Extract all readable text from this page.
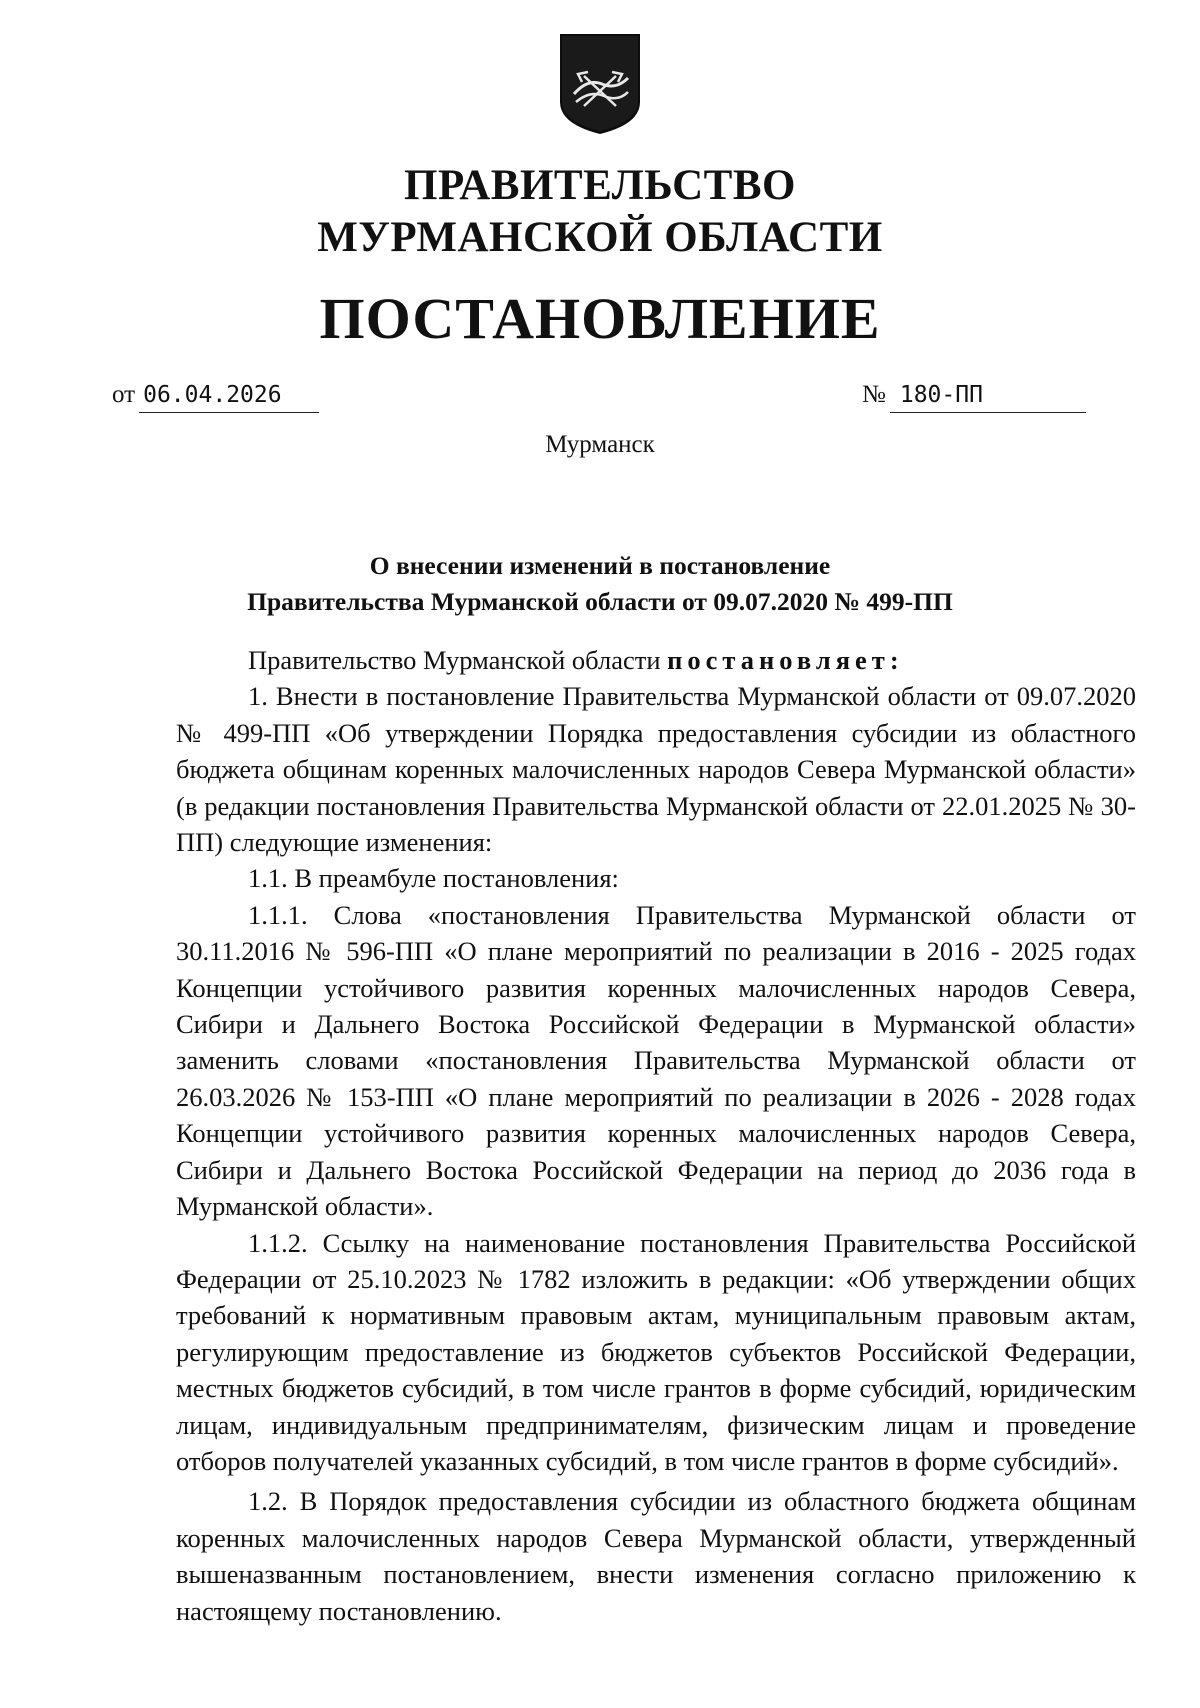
ПРАВИТЕЛЬСТВО
МУРМАНСКОЙ ОБЛАСТИ
ПОСТАНОВЛЕНИЕ
от 06.04.2026	№ 180-ПП
Мурманск
О внесении изменений в постановление
Правительства Мурманской области от 09.07.2020 № 499-ПП

Правительство Мурманской области постановляет:

1. Внести в постановление Правительства Мурманской области от 09.07.2020 № 499-ПП «Об утверждении Порядка предоставления субсидии из областного бюджета общинам коренных малочисленных народов Севера Мурманской области» (в редакции постановления Правительства Мурманской области от 22.01.2025 № 30-ПП) следующие изменения:

1.1. В преамбуле постановления:

1.1.1. Слова «постановления Правительства Мурманской области от 30.11.2016 № 596-ПП «О плане мероприятий по реализации в 2016 - 2025 годах Концепции устойчивого развития коренных малочисленных народов Севера, Сибири и Дальнего Востока Российской Федерации в Мурманской области» заменить словами «постановления Правительства Мурманской области от 26.03.2026 № 153-ПП «О плане мероприятий по реализации в 2026 - 2028 годах Концепции устойчивого развития коренных малочисленных народов Севера, Сибири и Дальнего Востока Российской Федерации на период до 2036 года в Мурманской области».

1.1.2. Ссылку на наименование постановления Правительства Российской Федерации от 25.10.2023 № 1782 изложить в редакции: «Об утверждении общих требований к нормативным правовым актам, муниципальным правовым актам, регулирующим предоставление из бюджетов субъектов Российской Федерации, местных бюджетов субсидий, в том числе грантов в форме субсидий, юридическим лицам, индивидуальным предпринимателям, физическим лицам и проведение отборов получателей указанных субсидий, в том числе грантов в форме субсидий».

1.2. В Порядок предоставления субсидии из областного бюджета общинам коренных малочисленных народов Севера Мурманской области, утвержденный вышеназванным постановлением, внести изменения согласно приложению к настоящему постановлению.
